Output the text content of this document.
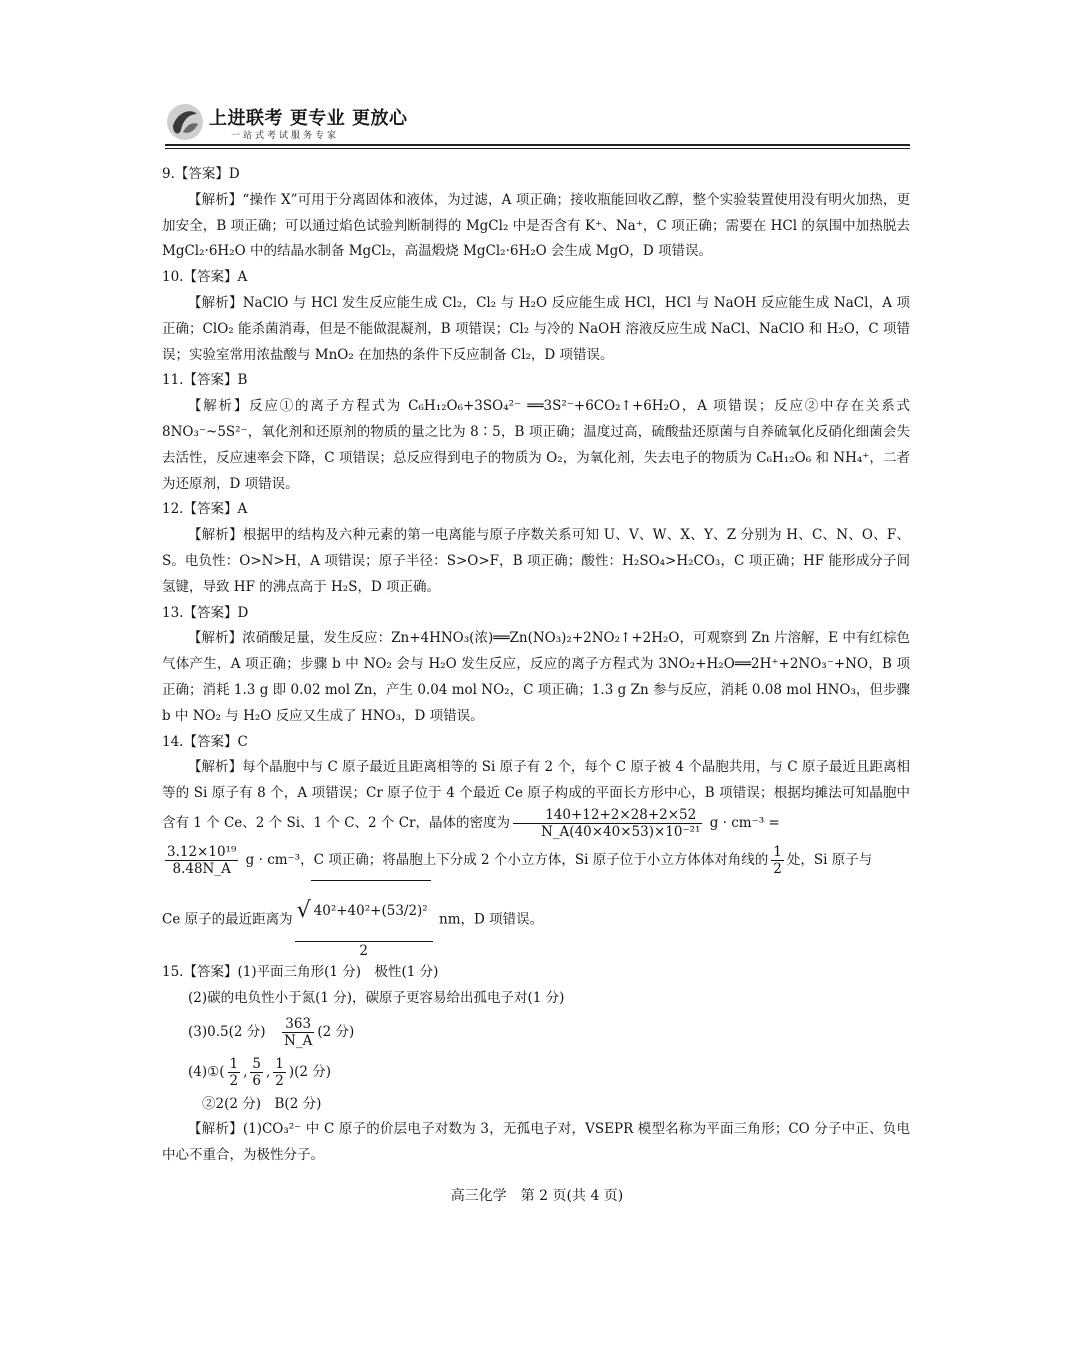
上进联考 更专业 更放心
一站式考试服务专家

9.【答案】D

【解析】“操作 X”可用于分离固体和液体，为过滤，A 项正确；接收瓶能回收乙醇，整个实验装置使用没有明火加热，更加安全，B 项正确；可以通过焰色试验判断制得的 MgCl₂ 中是否含有 K⁺、Na⁺，C 项正确；需要在 HCl 的氛围中加热脱去 MgCl₂·6H₂O 中的结晶水制备 MgCl₂，高温煅烧 MgCl₂·6H₂O 会生成 MgO，D 项错误。

10.【答案】A

【解析】NaClO 与 HCl 发生反应能生成 Cl₂，Cl₂ 与 H₂O 反应能生成 HCl，HCl 与 NaOH 反应能生成 NaCl，A 项正确；ClO₂ 能杀菌消毒，但是不能做混凝剂，B 项错误；Cl₂ 与冷的 NaOH 溶液反应生成 NaCl、NaClO 和 H₂O，C 项错误；实验室常用浓盐酸与 MnO₂ 在加热的条件下反应制备 Cl₂，D 项错误。

11.【答案】B

【解析】反应①的离子方程式为 C₆H₁₂O₆+3SO₄²⁻ ══3S²⁻+6CO₂↑+6H₂O，A 项错误；反应②中存在关系式 8NO₃⁻~5S²⁻，氧化剂和还原剂的物质的量之比为 8∶5，B 项正确；温度过高，硫酸盐还原菌与自养硫氧化反硝化细菌会失去活性，反应速率会下降，C 项错误；总反应得到电子的物质为 O₂，为氧化剂，失去电子的物质为 C₆H₁₂O₆ 和 NH₄⁺，二者为还原剂，D 项错误。

12.【答案】A

【解析】根据甲的结构及六种元素的第一电离能与原子序数关系可知 U、V、W、X、Y、Z 分别为 H、C、N、O、F、S。电负性：O>N>H，A 项错误；原子半径：S>O>F，B 项正确；酸性：H₂SO₄>H₂CO₃，C 项正确；HF 能形成分子间氢键，导致 HF 的沸点高于 H₂S，D 项正确。

13.【答案】D

【解析】浓硝酸足量，发生反应：Zn+4HNO₃(浓)══Zn(NO₃)₂+2NO₂↑+2H₂O，可观察到 Zn 片溶解，E 中有红棕色气体产生，A 项正确；步骤 b 中 NO₂ 会与 H₂O 发生反应，反应的离子方程式为 3NO₂+H₂O══2H⁺+2NO₃⁻+NO，B 项正确；消耗 1.3 g 即 0.02 mol Zn，产生 0.04 mol NO₂，C 项正确；1.3 g Zn 参与反应，消耗 0.08 mol HNO₃，但步骤 b 中 NO₂ 与 H₂O 反应又生成了 HNO₃，D 项错误。

14.【答案】C

【解析】每个晶胞中与 C 原子最近且距离相等的 Si 原子有 2 个，每个 C 原子被 4 个晶胞共用，与 C 原子最近且距离相等的 Si 原子有 8 个，A 项错误；Cr 原子位于 4 个最近 Ce 原子构成的平面长方形中心，B 项错误；根据均摊法可知晶胞中含有 1 个 Ce、2 个 Si、1 个 C、2 个 Cr，晶体的密度为 $\frac{140+12+2\times 28+2\times 52}{\text{N\_A(40×40×53)×10⁻²¹}}$ g · cm⁻³ =

$\frac{\text{3.12×10¹⁹}}{8.48N\_A}$ g · cm⁻³，C 项正确；将晶胞上下分成 2 个小立方体，Si 原子位于小立方体体对角线的 $\frac{1}{2}$ 处，Si 原子与

Ce 原子的最近距离为 $\frac{\text{√ 40²+40²+(53/2)²}}{2}$ nm，D 项错误。

15.【答案】(1)平面三角形(1 分)　极性(1 分)

(2)碳的电负性小于氮(1 分)，碳原子更容易给出孤电子对(1 分)

(3)0.5(2 分)　 $\frac{363}{N\_A} (2$ 分)

(4)①( $\frac{1}{2}$ , $\frac{5}{6}$ , $\frac{1}{2} )(2$ 分)

②2(2 分)　B(2 分)

【解析】(1)CO₃²⁻ 中 C 原子的价层电子对数为 3，无孤电子对，VSEPR 模型名称为平面三角形；CO 分子中正、负电中心不重合，为极性分子。

高三化学　第 2 页(共 4 页)
